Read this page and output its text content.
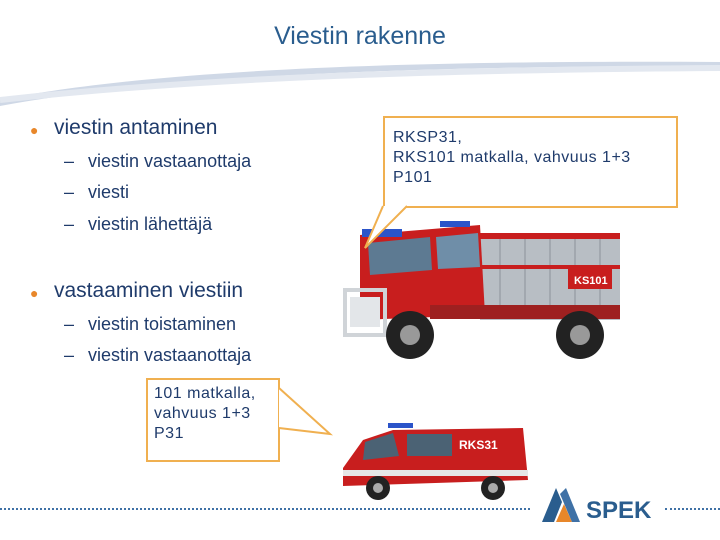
Viestin rakenne
● viestin antaminen
– viestin vastaanottaja
– viesti
– viestin lähettäjä
● vastaaminen viestiin
– viestin toistaminen
– viestin vastaanottaja
KS101
RKS31
RKSP31,
RKS101 matkalla, vahvuus 1+3
P101
101 matkalla,
vahvuus 1+3
P31
SPEK
